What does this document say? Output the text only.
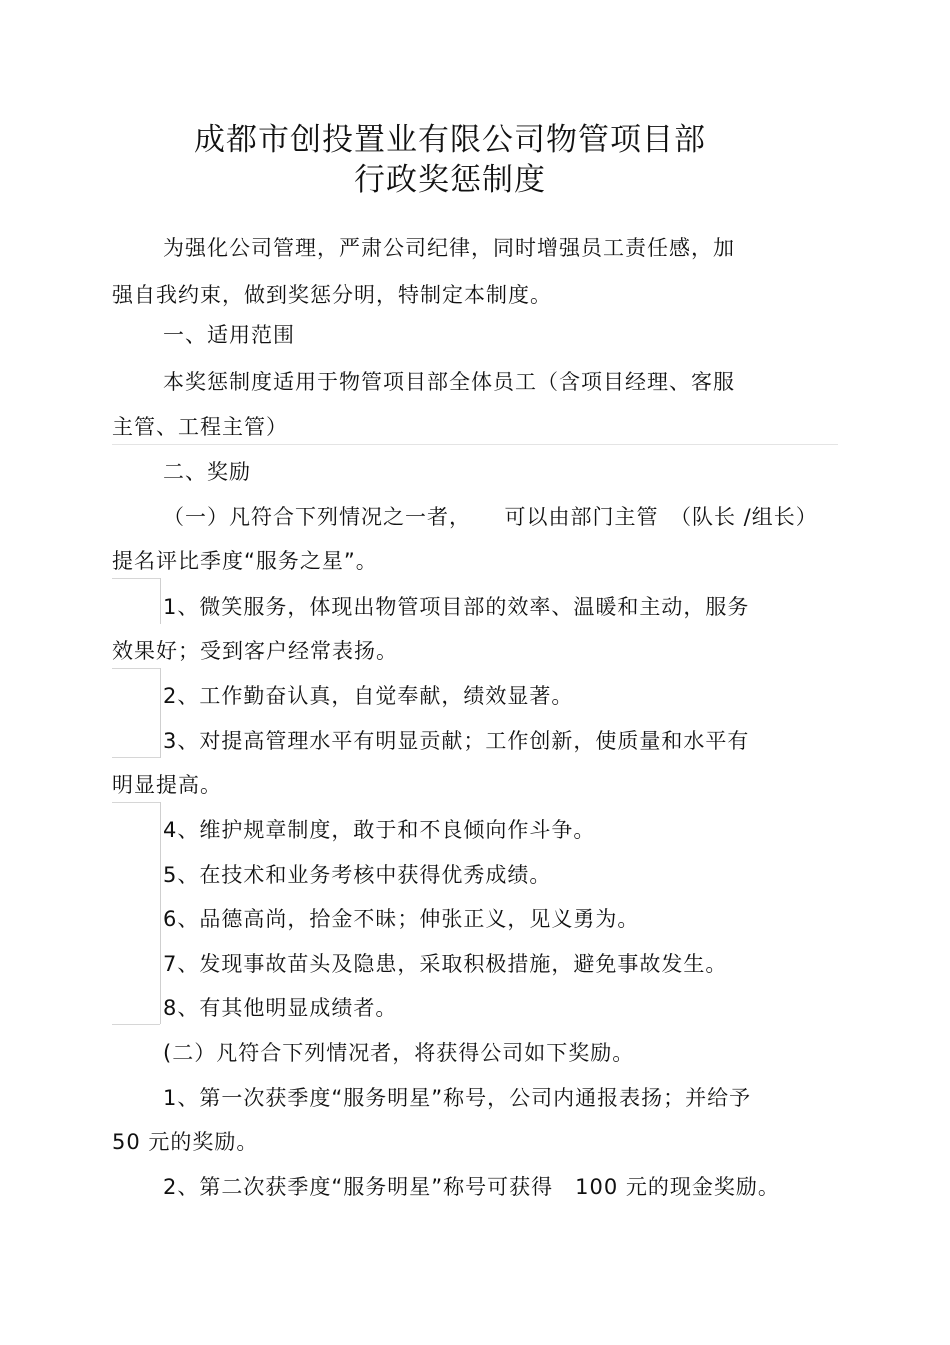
成都市创投置业有限公司物管项目部
行政奖惩制度
为强化公司管理，严肃公司纪律，同时增强员工责任感，加
强自我约束，做到奖惩分明，特制定本制度。
一、适用范围
本奖惩制度适用于物管项目部全体员工（含项目经理、客服
主管、工程主管）
二、奖励
（一）凡符合下列情况之一者，　　可以由部门主管　（队长 /组长）
提名评比季度“服务之星”。
1、微笑服务，体现出物管项目部的效率、温暖和主动，服务
效果好；受到客户经常表扬。
2、工作勤奋认真，自觉奉献，绩效显著。
3、对提高管理水平有明显贡献；工作创新，使质量和水平有
明显提高。
4、维护规章制度，敢于和不良倾向作斗争。
5、在技术和业务考核中获得优秀成绩。
6、品德高尚，拾金不昧；伸张正义，见义勇为。
7、发现事故苗头及隐患，采取积极措施，避免事故发生。
8、有其他明显成绩者。
(二）凡符合下列情况者，将获得公司如下奖励。
1、第一次获季度“服务明星”称号，公司内通报表扬；并给予
50 元的奖励。
2、第二次获季度“服务明星”称号可获得　100 元的现金奖励。
